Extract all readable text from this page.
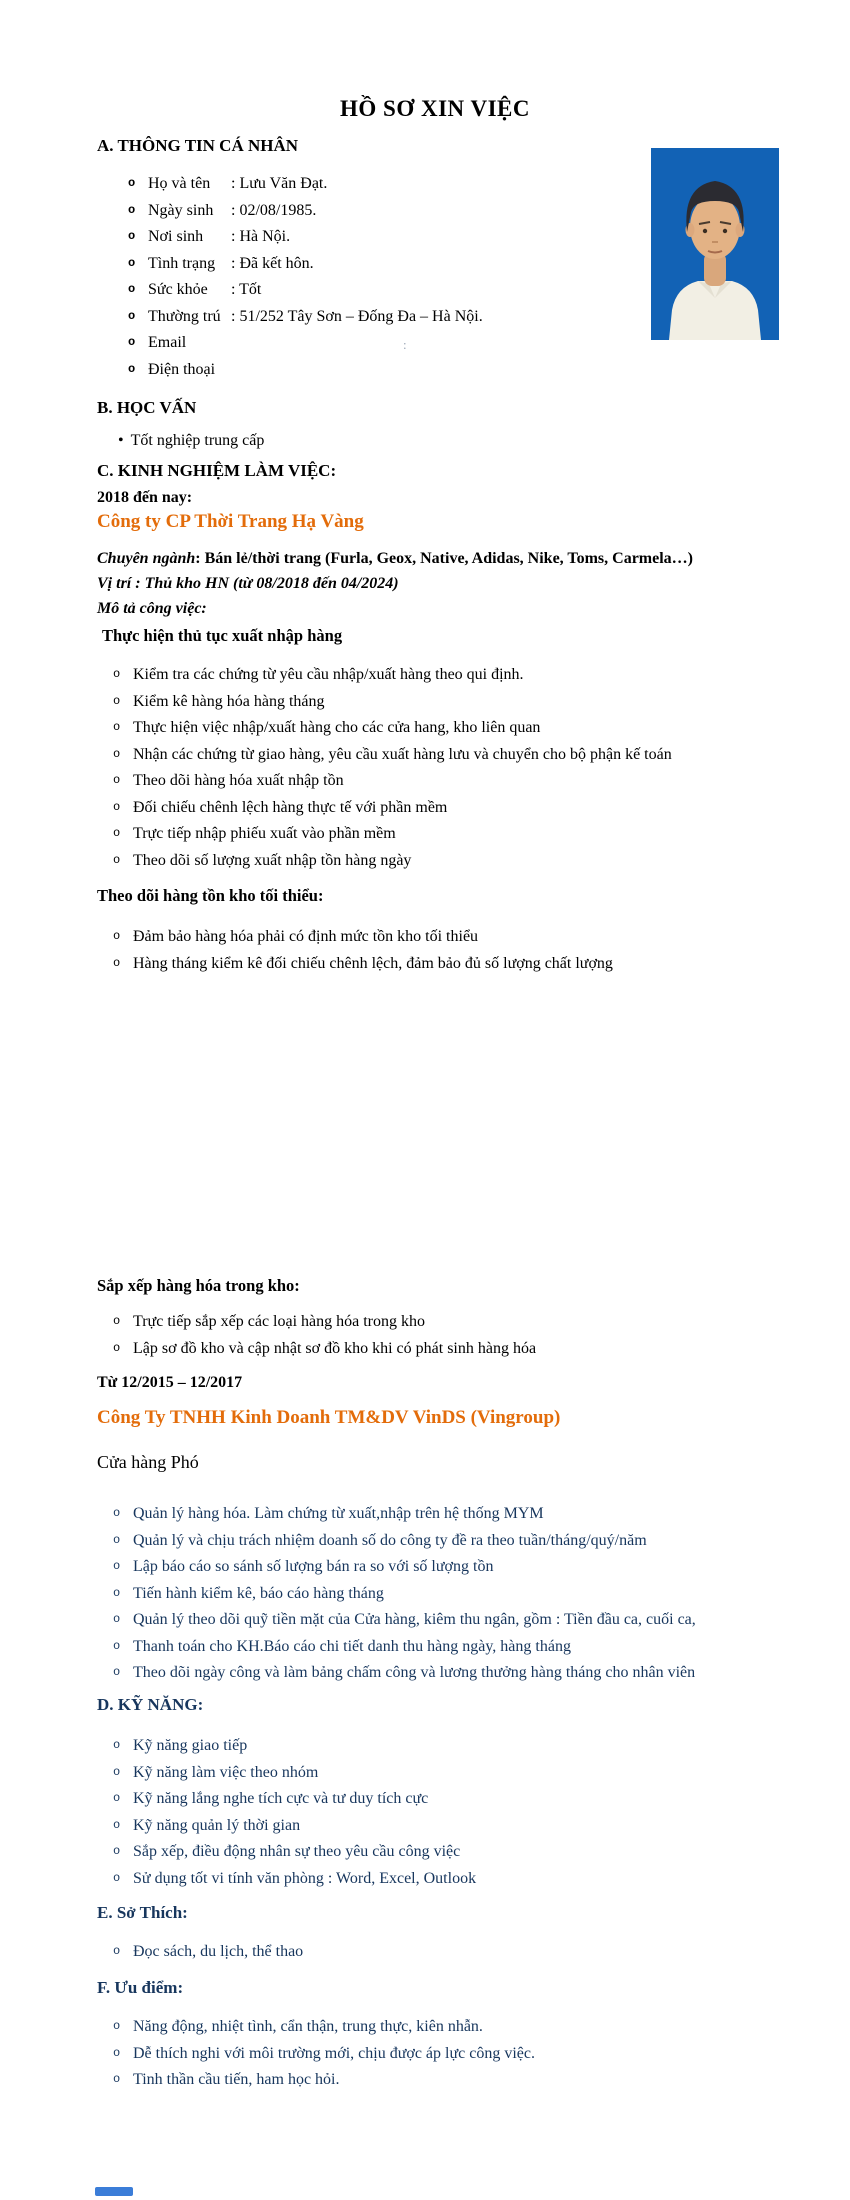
HỒ SƠ XIN VIỆC
A. THÔNG TIN CÁ NHÂN
o Họ và tên	: Lưu Văn Đạt.
o Ngày sinh	: 02/08/1985.
o Nơi sinh	: Hà Nội.
o Tình trạng : Đã kết hôn.
o Sức khỏe	: Tốt
o Thường trú : 51/252 Tây Sơn – Đống Đa – Hà Nội.
o Email
o Điện thoại
:
B. HỌC VẤN
• Tốt nghiệp trung cấp
C. KINH NGHIỆM LÀM VIỆC:
2018 đến nay:
Công ty CP Thời Trang Hạ Vàng
Chuyên ngành: Bán lẻ/thời trang (Furla, Geox, Native, Adidas, Nike, Toms, Carmela…)
Vị trí : Thủ kho HN (từ 08/2018 đến 04/2024)
Mô tả công việc:
Thực hiện thủ tục xuất nhập hàng
o Kiểm tra các chứng từ yêu cầu nhập/xuất hàng theo qui định.
o Kiểm kê hàng hóa hàng tháng
o Thực hiện việc nhập/xuất hàng cho các cửa hang, kho liên quan
o Nhận các chứng từ giao hàng, yêu cầu xuất hàng lưu và chuyển cho bộ phận kế toán
o Theo dõi hàng hóa xuất nhập tồn
o Đối chiếu chênh lệch hàng thực tế với phần mềm
o Trực tiếp nhập phiếu xuất vào phần mềm
o Theo dõi số lượng xuất nhập tồn hàng ngày
Theo dõi hàng tồn kho tối thiểu:
o Đảm bảo hàng hóa phải có định mức tồn kho tối thiểu
o Hàng tháng kiểm kê đối chiếu chênh lệch, đảm bảo đủ số lượng chất lượng
Sắp xếp hàng hóa trong kho:
o Trực tiếp sắp xếp các loại hàng hóa trong kho
o Lập sơ đồ kho và cập nhật sơ đồ kho khi có phát sinh hàng hóa
Từ 12/2015 – 12/2017
Công Ty TNHH Kinh Doanh TM&DV VinDS (Vingroup)
Cửa hàng Phó
o Quản lý hàng hóa. Làm chứng từ xuất,nhập trên hệ thống MYM
o Quản lý và chịu trách nhiệm doanh số do công ty đề ra theo tuần/tháng/quý/năm
o Lập báo cáo so sánh số lượng bán ra so với số lượng tồn
o Tiến hành kiểm kê, báo cáo hàng tháng
o Quản lý theo dõi quỹ tiền mặt của Cửa hàng, kiêm thu ngân, gồm : Tiền đầu ca, cuối ca,
o Thanh toán cho KH.Báo cáo chi tiết danh thu hàng ngày, hàng tháng
o Theo dõi ngày công và làm bảng chấm công và lương thưởng hàng tháng cho nhân viên
D. KỸ NĂNG:
o Kỹ năng giao tiếp
o Kỹ năng làm việc theo nhóm
o Kỹ năng lắng nghe tích cực và tư duy tích cực
o Kỹ năng quản lý thời gian
o Sắp xếp, điều động nhân sự theo yêu cầu công việc
o Sử dụng tốt vi tính văn phòng : Word, Excel, Outlook
E. Sở Thích:
o Đọc sách, du lịch, thể thao
F. Ưu điểm:
o Năng động, nhiệt tình, cẩn thận, trung thực, kiên nhẫn.
o Dễ thích nghi với môi trường mới, chịu được áp lực công việc.
o Tinh thần cầu tiến, ham học hỏi.
